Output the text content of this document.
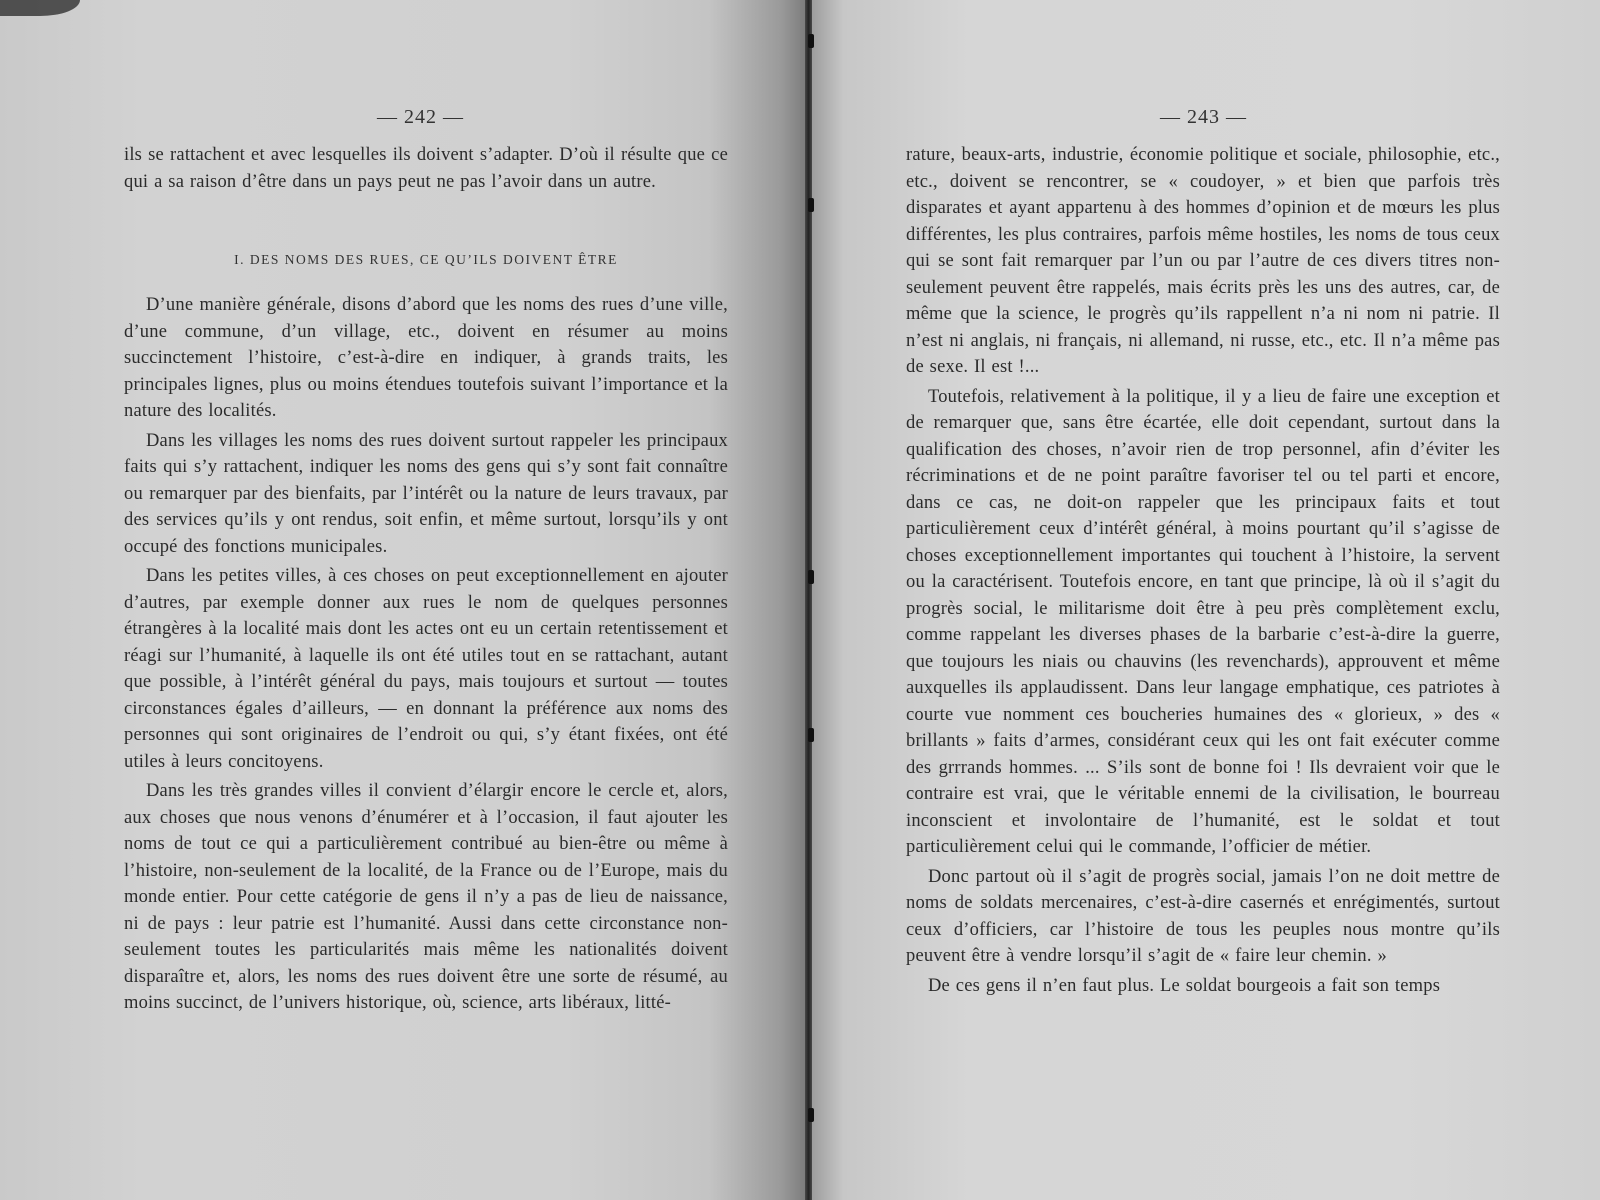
— 242 —

ils se rattachent et avec lesquelles ils doivent s’adapter. D’où il résulte que ce qui a sa raison d’être dans un pays peut ne pas l’avoir dans un autre.

I. DES NOMS DES RUES, CE QU’ILS DOIVENT ÊTRE

D’une manière générale, disons d’abord que les noms des rues d’une ville, d’une commune, d’un village, etc., doivent en résumer au moins succinctement l’histoire, c’est-à-dire en indiquer, à grands traits, les principales lignes, plus ou moins étendues toutefois suivant l’importance et la nature des localités.

Dans les villages les noms des rues doivent surtout rappeler les principaux faits qui s’y rattachent, indiquer les noms des gens qui s’y sont fait connaître ou remarquer par des bienfaits, par l’intérêt ou la nature de leurs travaux, par des services qu’ils y ont rendus, soit enfin, et même surtout, lorsqu’ils y ont occupé des fonctions municipales.

Dans les petites villes, à ces choses on peut exceptionnellement en ajouter d’autres, par exemple donner aux rues le nom de quelques personnes étrangères à la localité mais dont les actes ont eu un certain retentissement et réagi sur l’humanité, à laquelle ils ont été utiles tout en se rattachant, autant que possible, à l’intérêt général du pays, mais toujours et surtout — toutes circonstances égales d’ailleurs, — en donnant la préférence aux noms des personnes qui sont originaires de l’endroit ou qui, s’y étant fixées, ont été utiles à leurs concitoyens.

Dans les très grandes villes il convient d’élargir encore le cercle et, alors, aux choses que nous venons d’énumérer et à l’occasion, il faut ajouter les noms de tout ce qui a particulièrement contribué au bien-être ou même à l’histoire, non-seulement de la localité, de la France ou de l’Europe, mais du monde entier. Pour cette catégorie de gens il n’y a pas de lieu de naissance, ni de pays : leur patrie est l’humanité. Aussi dans cette circonstance non-seulement toutes les particularités mais même les nationalités doivent disparaître et, alors, les noms des rues doivent être une sorte de résumé, au moins succinct, de l’univers historique, où, science, arts libéraux, litté-

— 243 —

rature, beaux-arts, industrie, économie politique et sociale, philosophie, etc., etc., doivent se rencontrer, se « coudoyer, » et bien que parfois très disparates et ayant appartenu à des hommes d’opinion et de mœurs les plus différentes, les plus contraires, parfois même hostiles, les noms de tous ceux qui se sont fait remarquer par l’un ou par l’autre de ces divers titres non-seulement peuvent être rappelés, mais écrits près les uns des autres, car, de même que la science, le progrès qu’ils rappellent n’a ni nom ni patrie. Il n’est ni anglais, ni français, ni allemand, ni russe, etc., etc. Il n’a même pas de sexe. Il est !...

Toutefois, relativement à la politique, il y a lieu de faire une exception et de remarquer que, sans être écartée, elle doit cependant, surtout dans la qualification des choses, n’avoir rien de trop personnel, afin d’éviter les récriminations et de ne point paraître favoriser tel ou tel parti et encore, dans ce cas, ne doit-on rappeler que les principaux faits et tout particulièrement ceux d’intérêt général, à moins pourtant qu’il s’agisse de choses exceptionnellement importantes qui touchent à l’histoire, la servent ou la caractérisent. Toutefois encore, en tant que principe, là où il s’agit du progrès social, le militarisme doit être à peu près complètement exclu, comme rappelant les diverses phases de la barbarie c’est-à-dire la guerre, que toujours les niais ou chauvins (les revenchards), approuvent et même auxquelles ils applaudissent. Dans leur langage emphatique, ces patriotes à courte vue nomment ces boucheries humaines des « glorieux, » des « brillants » faits d’armes, considérant ceux qui les ont fait exécuter comme des grrrands hommes. ... S’ils sont de bonne foi ! Ils devraient voir que le contraire est vrai, que le véritable ennemi de la civilisation, le bourreau inconscient et involontaire de l’humanité, est le soldat et tout particulièrement celui qui le commande, l’officier de métier.

Donc partout où il s’agit de progrès social, jamais l’on ne doit mettre de noms de soldats mercenaires, c’est-à-dire casernés et enrégimentés, surtout ceux d’officiers, car l’histoire de tous les peuples nous montre qu’ils peuvent être à vendre lorsqu’il s’agit de « faire leur chemin. »

De ces gens il n’en faut plus. Le soldat bourgeois a fait son temps
